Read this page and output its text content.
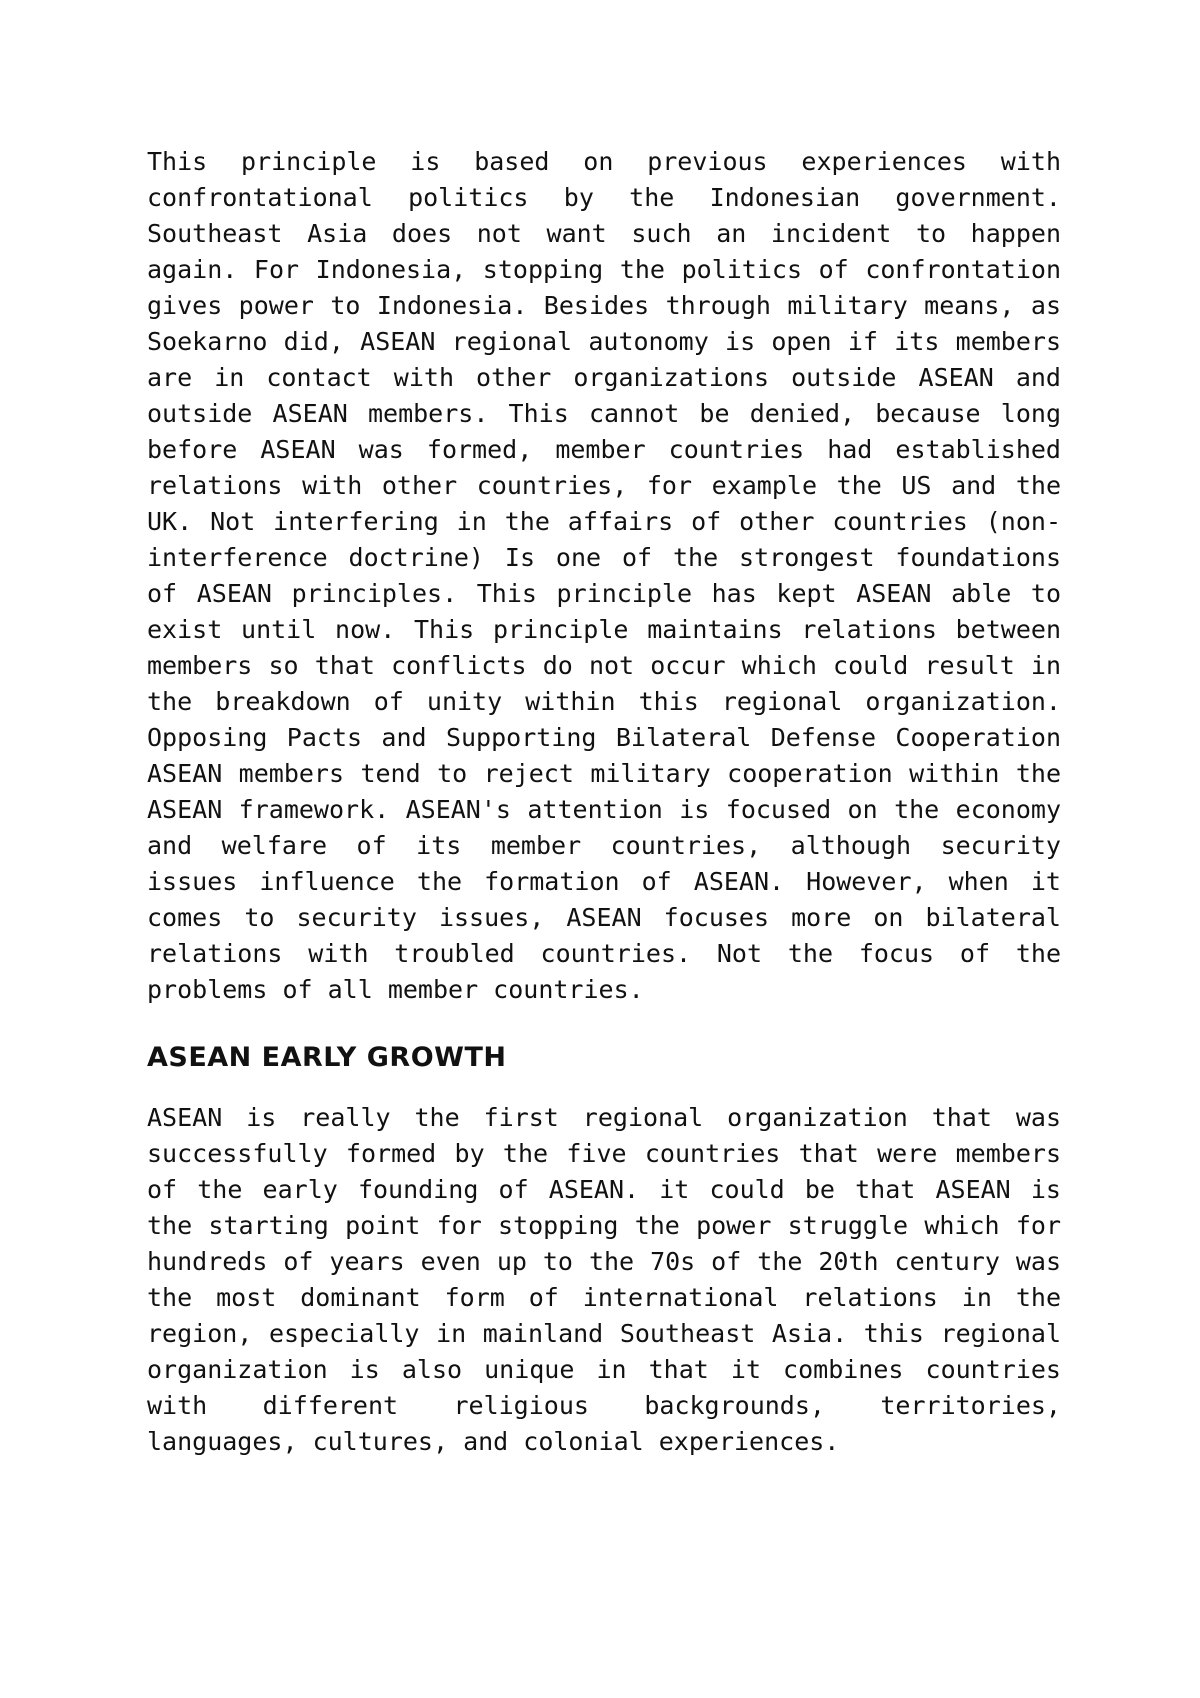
This principle is based on previous experiences with confrontational politics by the Indonesian government. Southeast Asia does not want such an incident to happen again. For Indonesia, stopping the politics of confrontation gives power to Indonesia. Besides through military means, as Soekarno did, ASEAN regional autonomy is open if its members are in contact with other organizations outside ASEAN and outside ASEAN members. This cannot be denied, because long before ASEAN was formed, member countries had established relations with other countries, for example the US and the UK. Not interfering in the affairs of other countries (non-interference doctrine) Is one of the strongest foundations of ASEAN principles. This principle has kept ASEAN able to exist until now. This principle maintains relations between members so that conflicts do not occur which could result in the breakdown of unity within this regional organization. Opposing Pacts and Supporting Bilateral Defense Cooperation ASEAN members tend to reject military cooperation within the ASEAN framework. ASEAN's attention is focused on the economy and welfare of its member countries, although security issues influence the formation of ASEAN. However, when it comes to security issues, ASEAN focuses more on bilateral relations with troubled countries. Not the focus of the problems of all member countries.

ASEAN EARLY GROWTH

ASEAN is really the first regional organization that was successfully formed by the five countries that were members of the early founding of ASEAN. it could be that ASEAN is the starting point for stopping the power struggle which for hundreds of years even up to the 70s of the 20th century was the most dominant form of international relations in the region, especially in mainland Southeast Asia. this regional organization is also unique in that it combines countries with different religious backgrounds, territories, languages, cultures, and colonial experiences.
